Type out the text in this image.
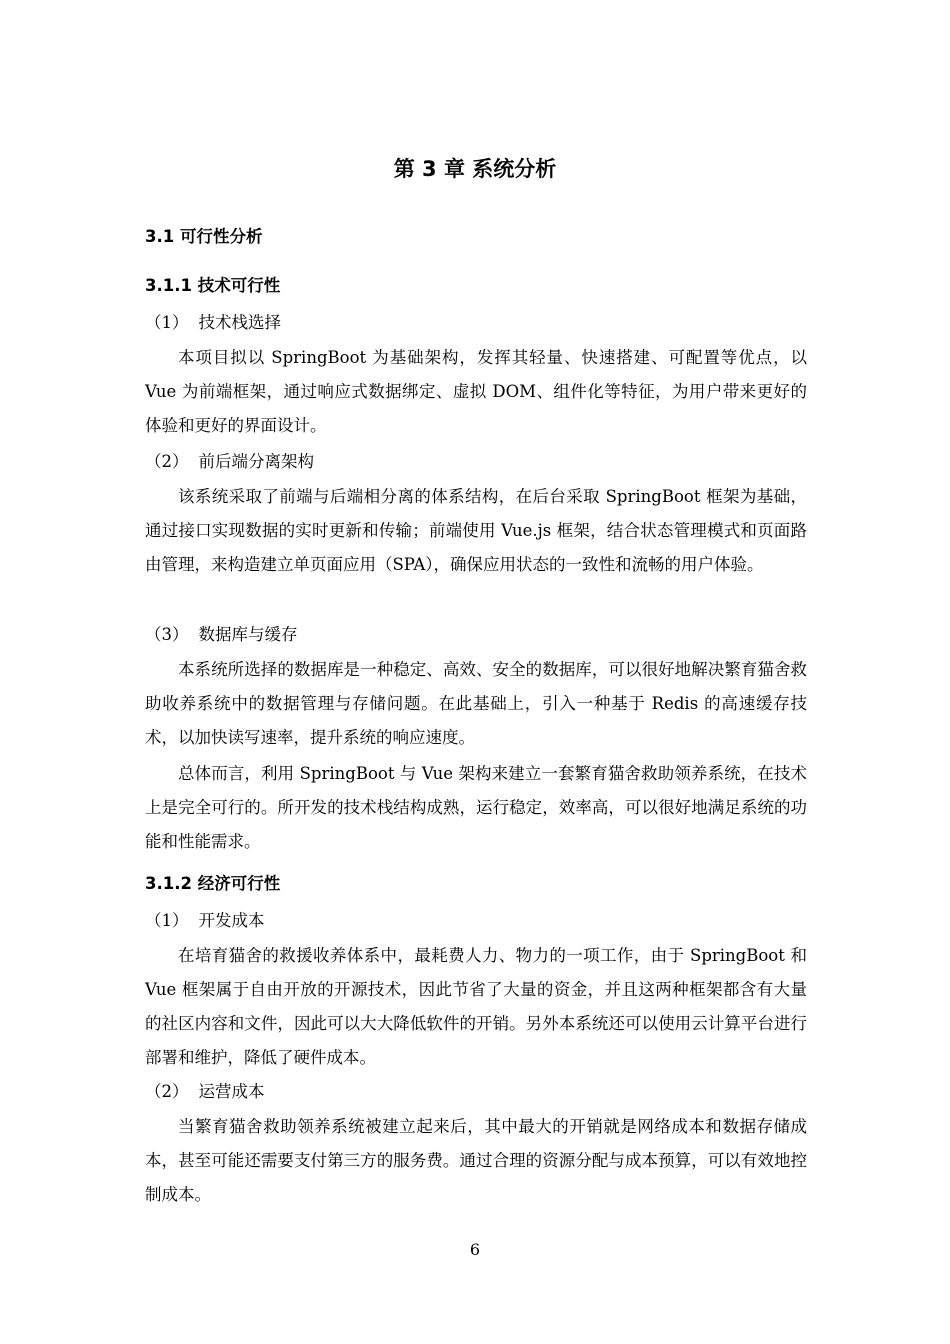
第 3 章 系统分析
3.1 可行性分析
3.1.1 技术可行性

（1） 技术栈选择

本项目拟以 SpringBoot 为基础架构，发挥其轻量、快速搭建、可配置等优点，以 Vue 为前端框架，通过响应式数据绑定、虚拟 DOM、组件化等特征，为用户带来更好的体验和更好的界面设计。

（2） 前后端分离架构

该系统采取了前端与后端相分离的体系结构，在后台采取 SpringBoot 框架为基础，通过接口实现数据的实时更新和传输；前端使用 Vue.js 框架，结合状态管理模式和页面路由管理，来构造建立单页面应用（SPA），确保应用状态的一致性和流畅的用户体验。

（3） 数据库与缓存

本系统所选择的数据库是一种稳定、高效、安全的数据库，可以很好地解决繁育猫舍救助收养系统中的数据管理与存储问题。在此基础上，引入一种基于 Redis 的高速缓存技术，以加快读写速率，提升系统的响应速度。

总体而言，利用 SpringBoot 与 Vue 架构来建立一套繁育猫舍救助领养系统，在技术上是完全可行的。所开发的技术栈结构成熟，运行稳定，效率高，可以很好地满足系统的功能和性能需求。

3.1.2 经济可行性

（1） 开发成本

在培育猫舍的救援收养体系中，最耗费人力、物力的一项工作，由于 SpringBoot 和 Vue 框架属于自由开放的开源技术，因此节省了大量的资金，并且这两种框架都含有大量的社区内容和文件，因此可以大大降低软件的开销。另外本系统还可以使用云计算平台进行部署和维护，降低了硬件成本。

（2） 运营成本

当繁育猫舍救助领养系统被建立起来后，其中最大的开销就是网络成本和数据存储成本，甚至可能还需要支付第三方的服务费。通过合理的资源分配与成本预算，可以有效地控制成本。

6
